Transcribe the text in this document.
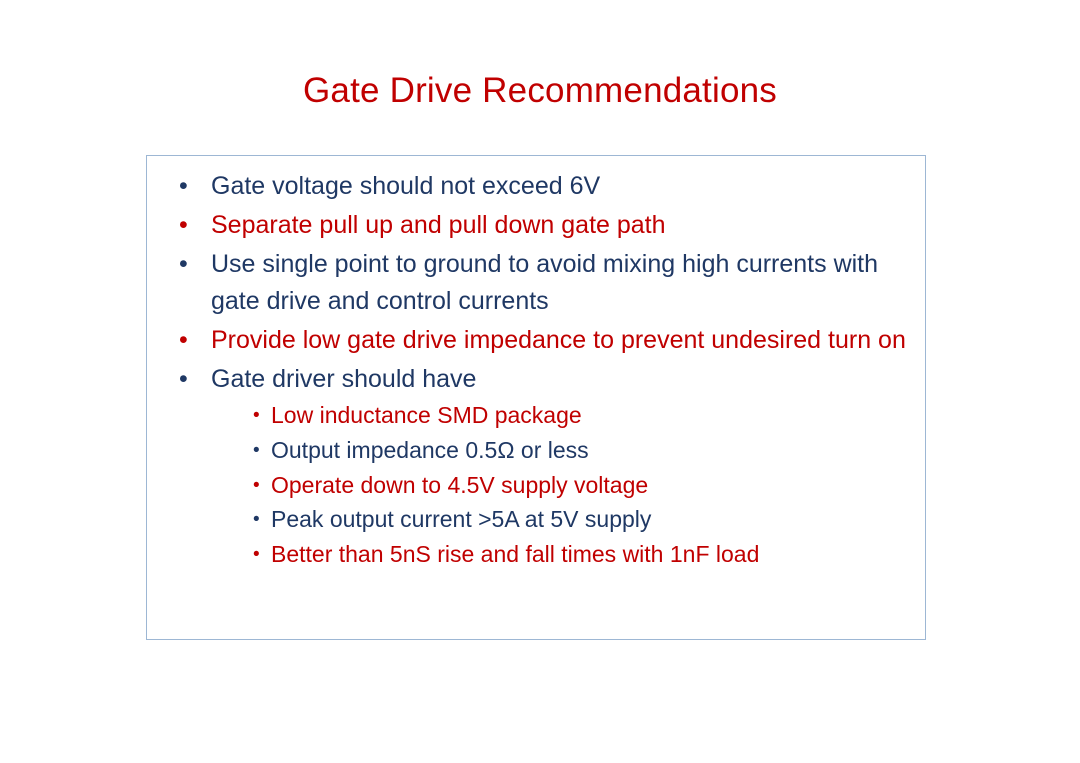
Gate Drive Recommendations
• Gate voltage should not exceed 6V
• Separate pull up and pull down gate path
• Use single point to ground to avoid mixing high currents with gate drive and control currents
• Provide low gate drive impedance to prevent undesired turn on
• Gate driver should have
• Low inductance SMD package
• Output impedance 0.5Ω or less
• Operate down to 4.5V supply voltage
• Peak output current >5A at 5V supply
• Better than 5nS rise and fall times with 1nF load
